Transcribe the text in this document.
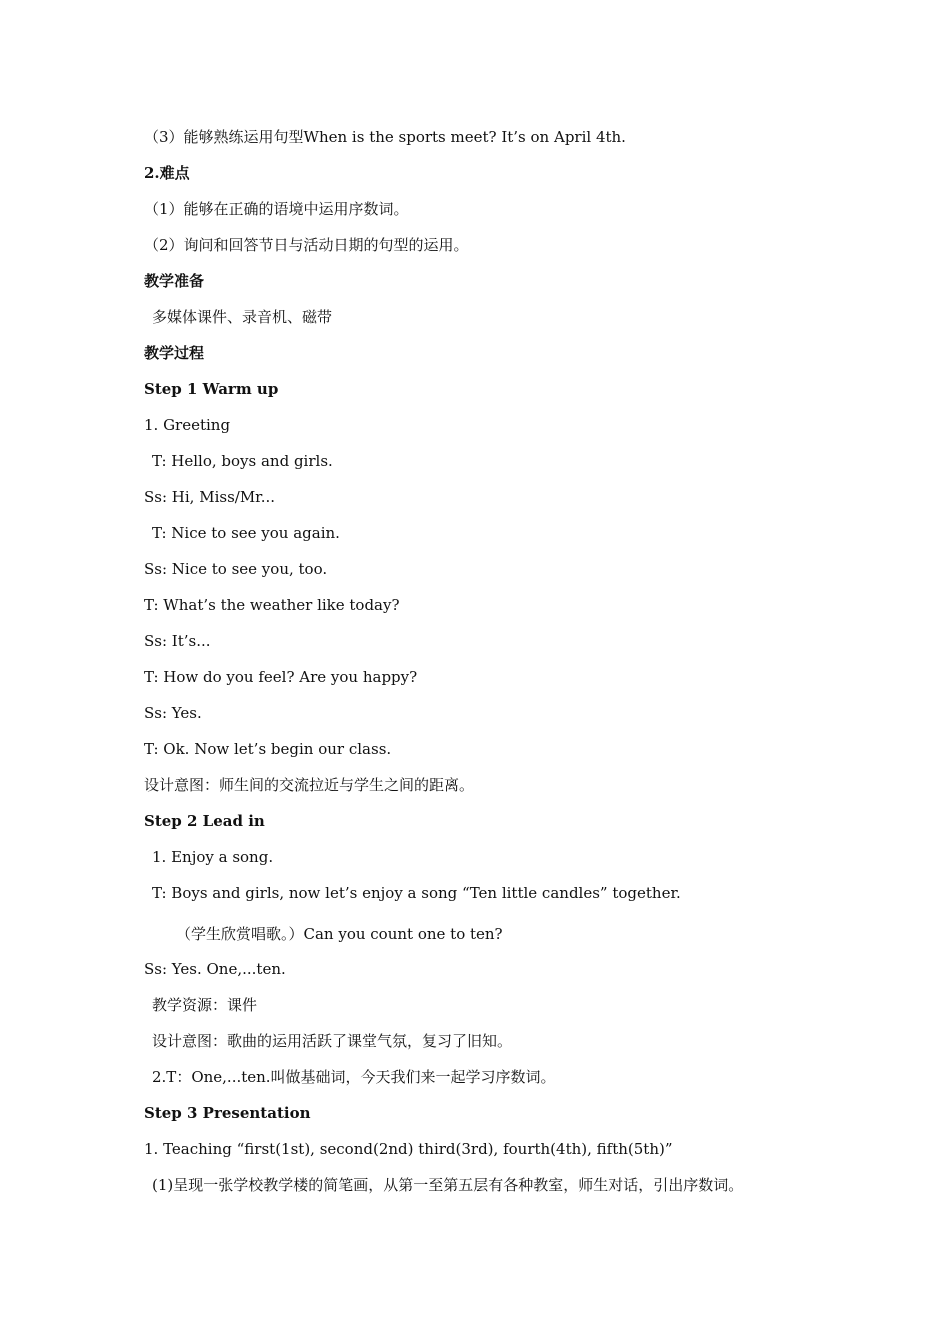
（3）能够熟练运用句型When is the sports meet? It’s on April 4th.
2.难点
（1）能够在正确的语境中运用序数词。
（2）询问和回答节日与活动日期的句型的运用。
教学准备
多媒体课件、录音机、磁带
教学过程
Step 1 Warm up
1. Greeting
T: Hello, boys and girls.
Ss: Hi, Miss/Mr...
T: Nice to see you again.
Ss: Nice to see you, too.
T: What’s the weather like today?
Ss: It’s...
T: How do you feel? Are you happy?
Ss: Yes.
T: Ok. Now let’s begin our class.
设计意图：师生间的交流拉近与学生之间的距离。
Step 2 Lead in
1. Enjoy a song.
T: Boys and girls, now let’s enjoy a song “Ten little candles” together.
（学生欣赏唱歌。）Can you count one to ten?
Ss: Yes. One,...ten.
教学资源：课件
设计意图：歌曲的运用活跃了课堂气氛，复习了旧知。
2.T：One,...ten.叫做基础词，今天我们来一起学习序数词。
Step 3 Presentation
1. Teaching “first(1st), second(2nd) third(3rd), fourth(4th), fifth(5th)”
(1)呈现一张学校教学楼的简笔画，从第一至第五层有各种教室，师生对话，引出序数词。
